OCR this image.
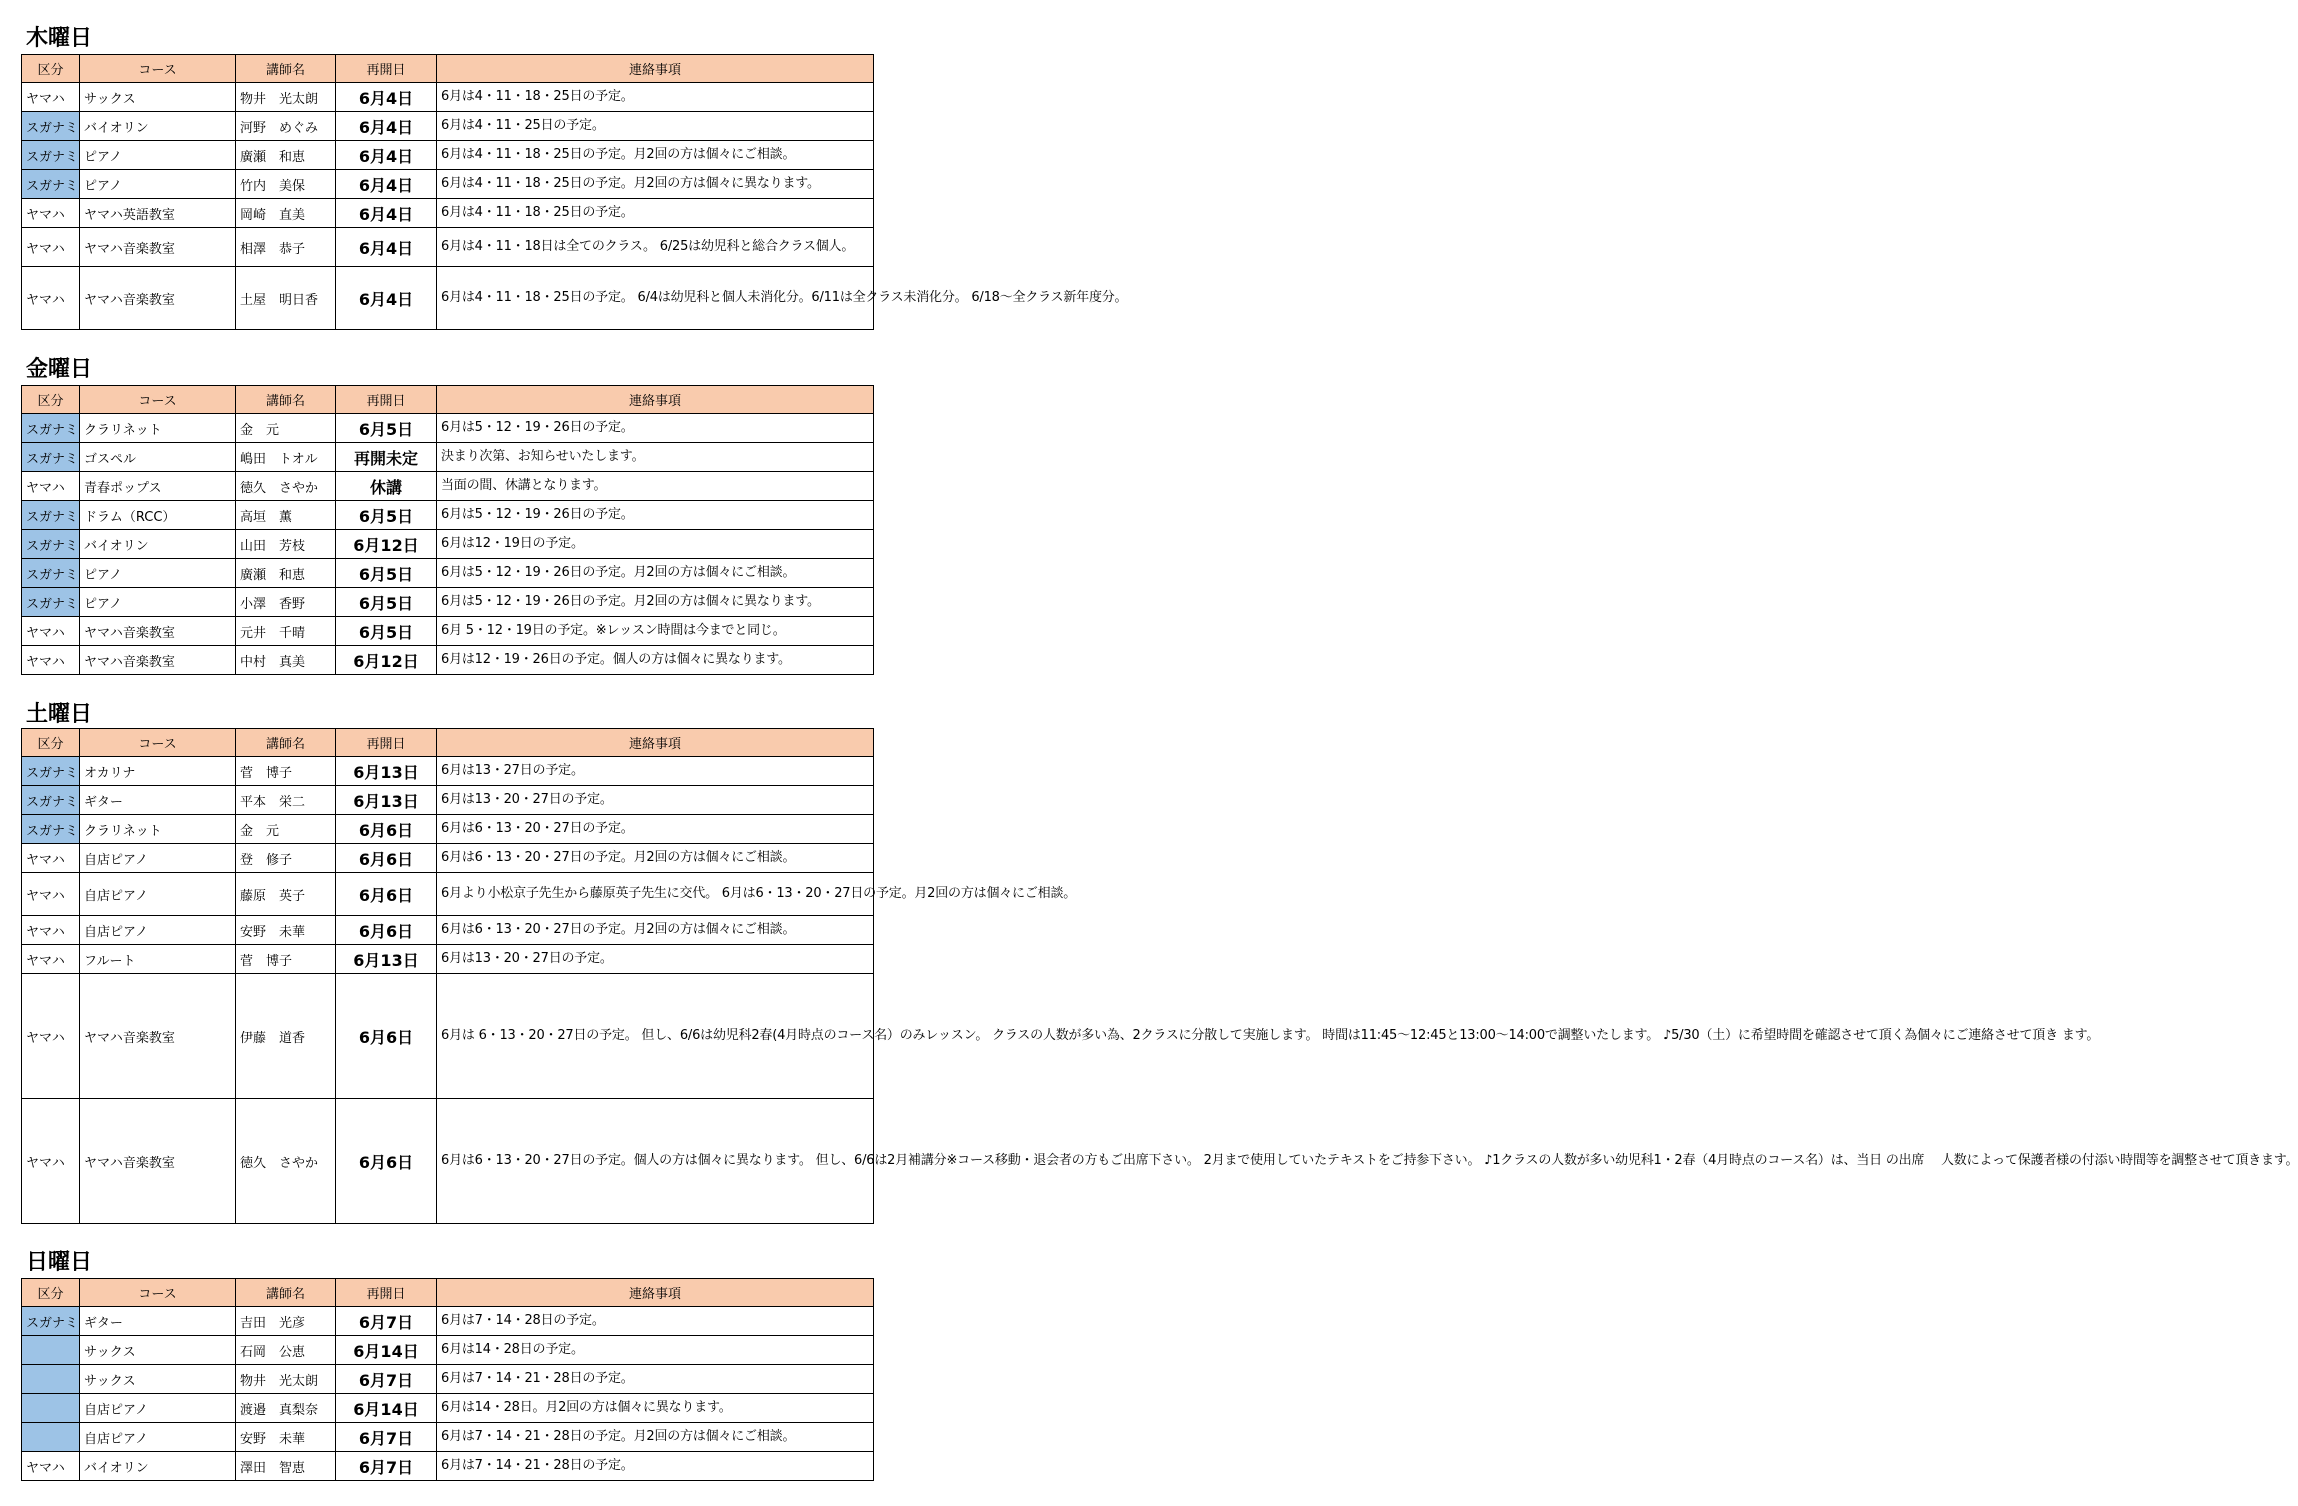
木曜日
金曜日
土曜日
日曜日
区分	コース	講師名	再開日	連絡事項
ヤマハ	サックス	物井　光太朗	6月4日	6月は4・11・18・25日の予定。
スガナミ	バイオリン	河野　めぐみ	6月4日	6月は4・11・25日の予定。
スガナミ	ピアノ	廣瀬　和恵	6月4日	6月は4・11・18・25日の予定。月2回の方は個々にご相談。
スガナミ	ピアノ	竹内　美保	6月4日	6月は4・11・18・25日の予定。月2回の方は個々に異なります。
ヤマハ	ヤマハ英語教室	岡崎　直美	6月4日	6月は4・11・18・25日の予定。
ヤマハ	ヤマハ音楽教室	相澤　恭子	6月4日	6月は4・11・18日は全てのクラス。 6/25は幼児科と総合クラス個人。
ヤマハ	ヤマハ音楽教室	土屋　明日香	6月4日	6月は4・11・18・25日の予定。 6/4は幼児科と個人未消化分。6/11は全クラス未消化分。 6/18～全クラス新年度分。
区分	コース	講師名	再開日	連絡事項
スガナミ	クラリネット	金　元	6月5日	6月は5・12・19・26日の予定。
スガナミ	ゴスペル	嶋田　トオル	再開未定	決まり次第、お知らせいたします。
ヤマハ	青春ポップス	徳久　さやか	休講	当面の間、休講となります。
スガナミ	ドラム（RCC）	高垣　薫	6月5日	6月は5・12・19・26日の予定。
スガナミ	バイオリン	山田　芳枝	6月12日	6月は12・19日の予定。
スガナミ	ピアノ	廣瀬　和恵	6月5日	6月は5・12・19・26日の予定。月2回の方は個々にご相談。
スガナミ	ピアノ	小澤　香野	6月5日	6月は5・12・19・26日の予定。月2回の方は個々に異なります。
ヤマハ	ヤマハ音楽教室	元井　千晴	6月5日	6月 5・12・19日の予定。※レッスン時間は今までと同じ。
ヤマハ	ヤマハ音楽教室	中村　真美	6月12日	6月は12・19・26日の予定。個人の方は個々に異なります。
区分	コース	講師名	再開日	連絡事項
スガナミ	オカリナ	菅　博子	6月13日	6月は13・27日の予定。
スガナミ	ギター	平本　栄二	6月13日	6月は13・20・27日の予定。
スガナミ	クラリネット	金　元	6月6日	6月は6・13・20・27日の予定。
ヤマハ	自店ピアノ	登　修子	6月6日	6月は6・13・20・27日の予定。月2回の方は個々にご相談。
ヤマハ	自店ピアノ	藤原　英子	6月6日	6月より小松京子先生から藤原英子先生に交代。 6月は6・13・20・27日の予定。月2回の方は個々にご相談。
ヤマハ	自店ピアノ	安野　未華	6月6日	6月は6・13・20・27日の予定。月2回の方は個々にご相談。
ヤマハ	フルート	菅　博子	6月13日	6月は13・20・27日の予定。
ヤマハ	ヤマハ音楽教室	伊藤　道香	6月6日	6月は 6・13・20・27日の予定。 但し、6/6は幼児科2春(4月時点のコース名）のみレッスン。 クラスの人数が多い為、2クラスに分散して実施します。 時間は11:45～12:45と13:00～14:00で調整いたします。 ♪5/30（土）に希望時間を確認させて頂く為個々にご連絡させて頂き ます。
ヤマハ	ヤマハ音楽教室	徳久　さやか	6月6日	6月は6・13・20・27日の予定。個人の方は個々に異なります。 但し、6/6は2月補講分※コース移動・退会者の方もご出席下さい。 2月まで使用していたテキストをご持参下さい。 ♪1クラスの人数が多い幼児科1・2春（4月時点のコース名）は、当日 の出席 　人数によって保護者様の付添い時間等を調整させて頂きます。
区分	コース	講師名	再開日	連絡事項
スガナミ	ギター	吉田　光彦	6月7日	6月は7・14・28日の予定。
	サックス	石岡　公恵	6月14日	6月は14・28日の予定。
	サックス	物井　光太朗	6月7日	6月は7・14・21・28日の予定。
	自店ピアノ	渡邉　真梨奈	6月14日	6月は14・28日。月2回の方は個々に異なります。
	自店ピアノ	安野　未華	6月7日	6月は7・14・21・28日の予定。月2回の方は個々にご相談。
ヤマハ	バイオリン	澤田　智恵	6月7日	6月は7・14・21・28日の予定。
